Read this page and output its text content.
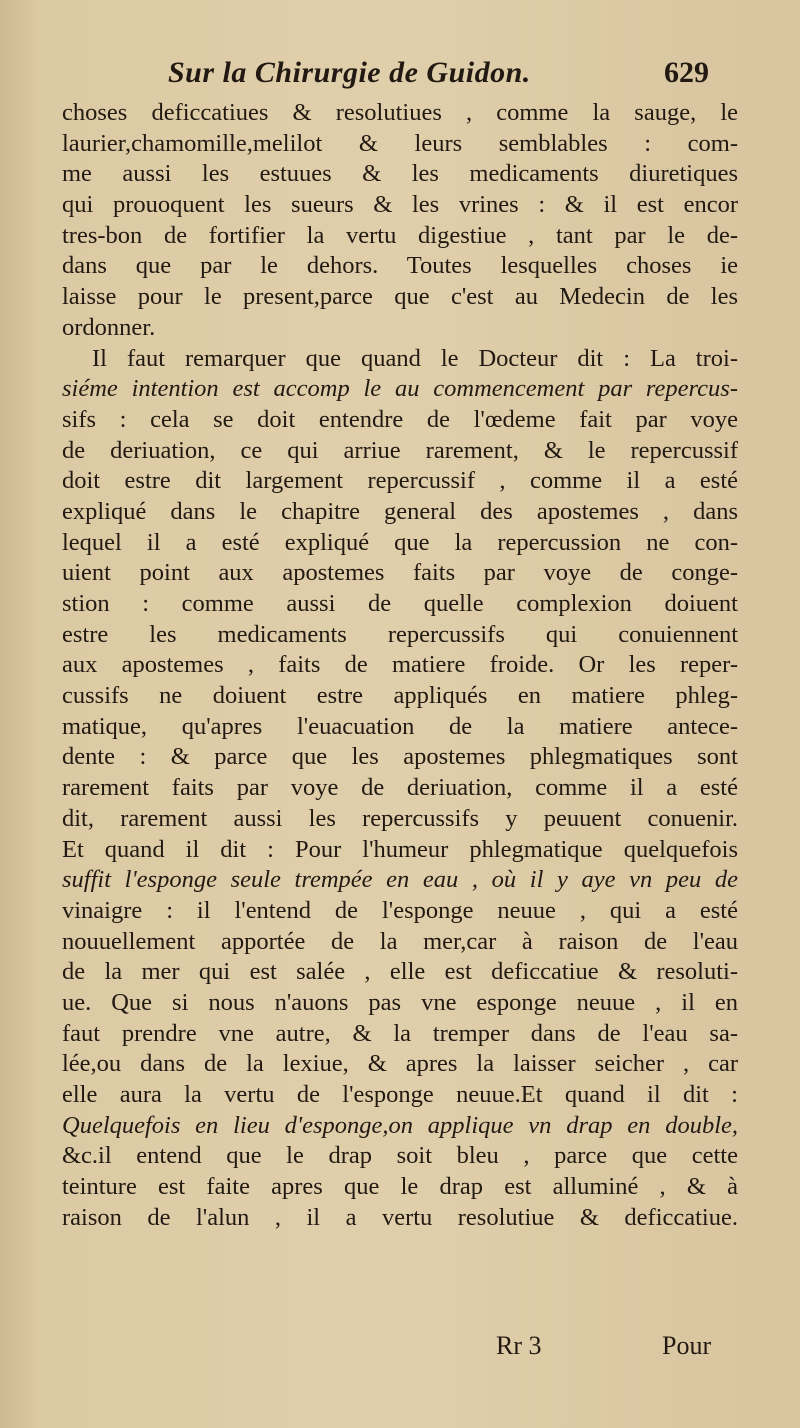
Sur la Chirurgie de Guidon.	629
choses deficcatiues & resolutiues , comme la sauge, le
laurier,chamomille,melilot & leurs semblables : com-
me aussi les estuues & les medicaments diuretiques
qui prouoquent les sueurs & les vrines : & il est encor
tres-bon de fortifier la vertu digestiue , tant par le de-
dans que par le dehors. Toutes lesquelles choses ie
laisse pour le present,parce que c'est au Medecin de les
ordonner.
Il faut remarquer que quand le Docteur dit : La troi-
siéme intention est accomp le au commencement par repercus-
sifs : cela se doit entendre de l'œdeme fait par voye
de deriuation, ce qui arriue rarement, & le repercussif
doit estre dit largement repercussif , comme il a esté
expliqué dans le chapitre general des apostemes , dans
lequel il a esté expliqué que la repercussion ne con-
uient point aux apostemes faits par voye de conge-
stion : comme aussi de quelle complexion doiuent
estre les medicaments repercussifs qui conuiennent
aux apostemes , faits de matiere froide. Or les reper-
cussifs ne doiuent estre appliqués en matiere phleg-
matique, qu'apres l'euacuation de la matiere antece-
dente : & parce que les apostemes phlegmatiques sont
rarement faits par voye de deriuation, comme il a esté
dit, rarement aussi les repercussifs y peuuent conuenir.
Et quand il dit : Pour l'humeur phlegmatique quelquefois
suffit l'esponge seule trempée en eau , où il y aye vn peu de
vinaigre : il l'entend de l'esponge neuue , qui a esté
nouuellement apportée de la mer,car à raison de l'eau
de la mer qui est salée , elle est deficcatiue & resoluti-
ue. Que si nous n'auons pas vne esponge neuue , il en
faut prendre vne autre, & la tremper dans de l'eau sa-
lée,ou dans de la lexiue, & apres la laisser seicher , car
elle aura la vertu de l'esponge neuue.Et quand il dit :
Quelquefois en lieu d'esponge,on applique vn drap en double,
&c.il entend que le drap soit bleu , parce que cette
teinture est faite apres que le drap est alluminé , & à
raison de l'alun , il a vertu resolutiue & deficcatiue.
Rr 3	Pour
